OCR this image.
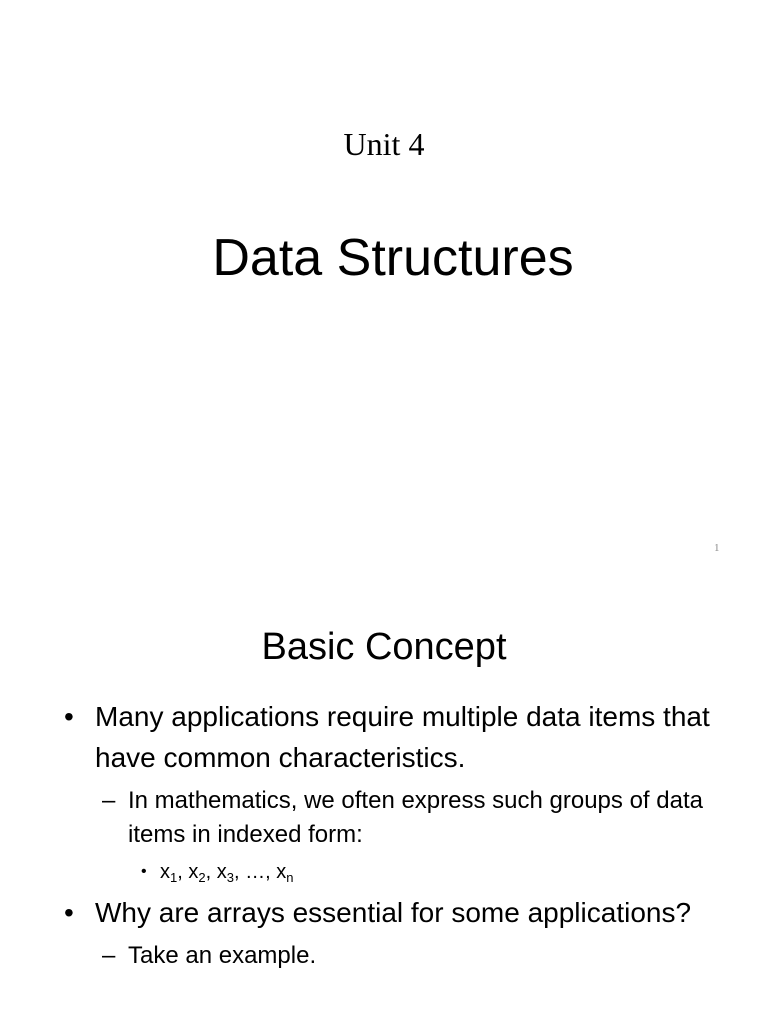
Unit 4
Data Structures
1
Basic Concept
• Many applications require multiple data items that have common characteristics.
– In mathematics, we often express such groups of data items in indexed form:
• $x_1$, $x_2$, $x_3$, …, $x_n$
• Why are arrays essential for some applications?
– Take an example.
